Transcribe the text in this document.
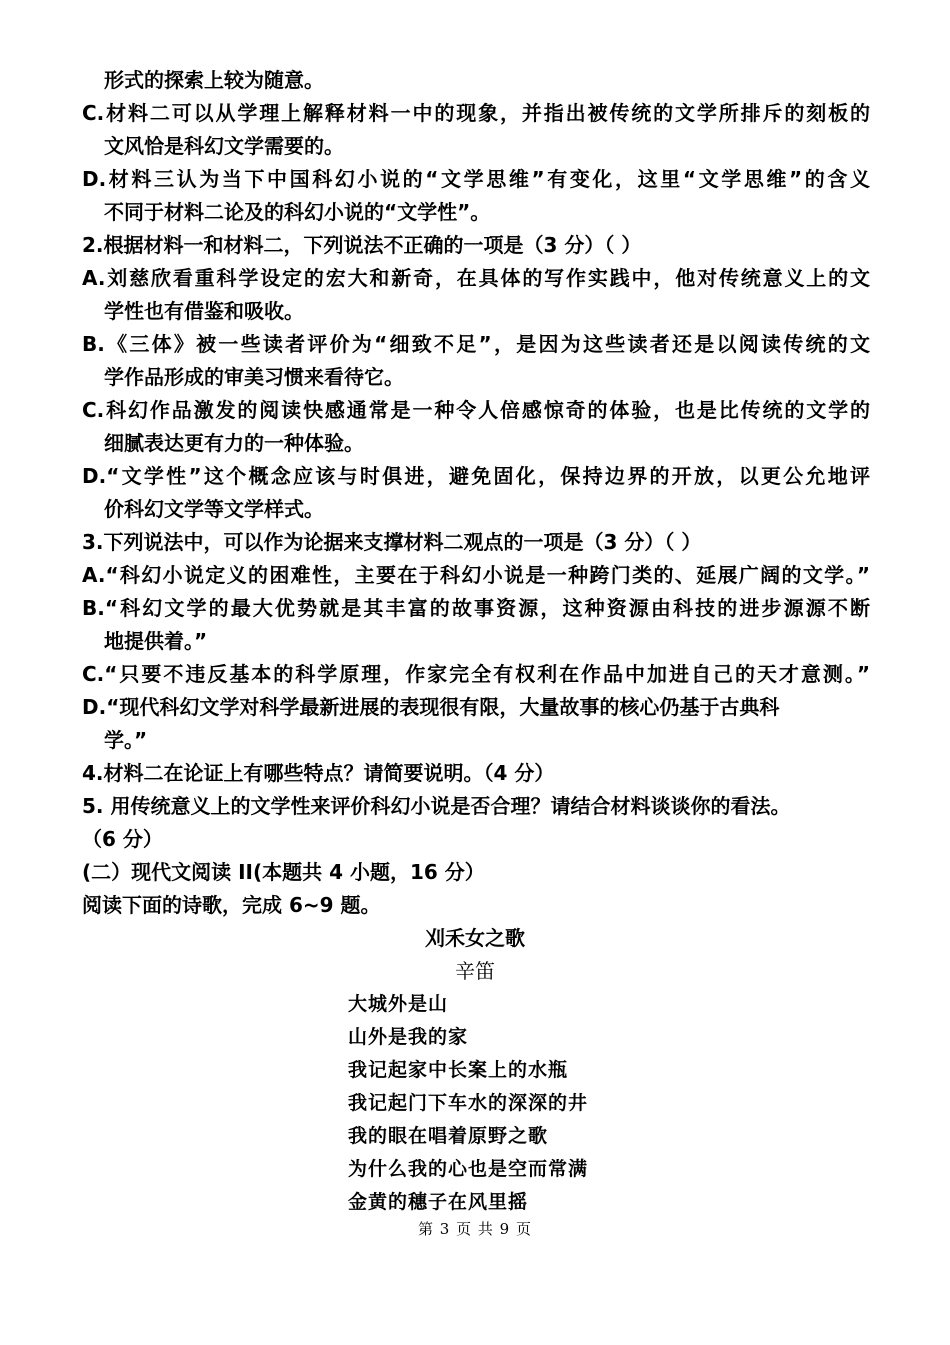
形式的探索上较为随意。
C.材料二可以从学理上解释材料一中的现象，并指出被传统的文学所排斥的刻板的
文风恰是科幻文学需要的。
D.材料三认为当下中国科幻小说的“文学思维”有变化，这里“文学思维”的含义
不同于材料二论及的科幻小说的“文学性”。
2.根据材料一和材料二，下列说法不正确的一项是（3 分）（ ）
A.刘慈欣看重科学设定的宏大和新奇，在具体的写作实践中，他对传统意义上的文
学性也有借鉴和吸收。
B.《三体》被一些读者评价为“细致不足”，是因为这些读者还是以阅读传统的文
学作品形成的审美习惯来看待它。
C.科幻作品激发的阅读快感通常是一种令人倍感惊奇的体验，也是比传统的文学的
细腻表达更有力的一种体验。
D.“文学性”这个概念应该与时俱进，避免固化，保持边界的开放，以更公允地评
价科幻文学等文学样式。
3.下列说法中，可以作为论据来支撑材料二观点的一项是（3 分）（ ）
A.“科幻小说定义的困难性，主要在于科幻小说是一种跨门类的、延展广阔的文学。”
B.“科幻文学的最大优势就是其丰富的故事资源，这种资源由科技的进步源源不断
地提供着。”
C.“只要不违反基本的科学原理，作家完全有权利在作品中加进自己的天才意测。”
D.“现代科幻文学对科学最新进展的表现很有限，大量故事的核心仍基于古典科
学。”
4.材料二在论证上有哪些特点？请简要说明。（4 分）
5. 用传统意义上的文学性来评价科幻小说是否合理？请结合材料谈谈你的看法。
（6 分）
(二）现代文阅读 II(本题共 4 小题，16 分）
阅读下面的诗歌，完成 6~9 题。
刈禾女之歌
辛笛
大城外是山
山外是我的家
我记起家中长案上的水瓶
我记起门下车水的深深的井
我的眼在唱着原野之歌
为什么我的心也是空而常满
金黄的穗子在风里摇
第 3 页 共 9 页
